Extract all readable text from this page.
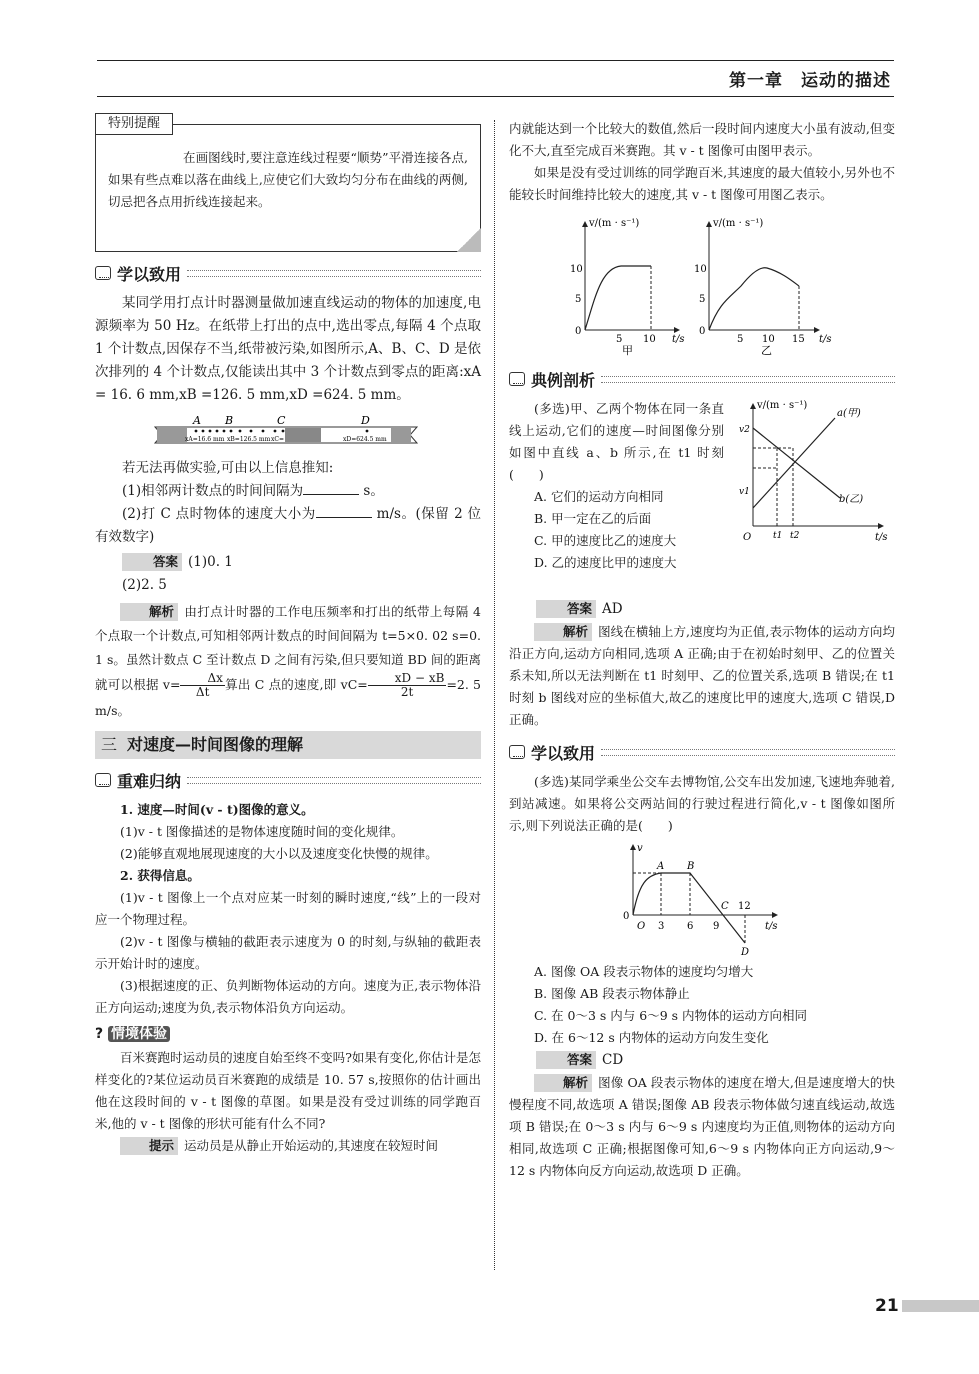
第一章　运动的描述
特别提醒

在画图线时,要注意连线过程要“顺势”平滑连接各点,如果有些点难以落在曲线上,应使它们大致均匀分布在曲线的两侧,切忌把各点用折线连接起来。

学以致用

某同学用打点计时器测量做加速直线运动的物体的加速度,电源频率为 50 Hz。在纸带上打出的点中,选出零点,每隔 4 个点取 1 个计数点,因保存不当,纸带被污染,如图所示,A、B、C、D 是依次排列的 4 个计数点,仅能读出其中 3 个计数点到零点的距离:xA = 16. 6 mm,xB =126. 5 mm,xD =624. 5 mm。

A B	C	D
xA=16.6 mm xB=126.5 mm xC=	xD=624.5 mm

若无法再做实验,可由以上信息推知:

(1)相邻两计数点的时间间隔为	s。

(2)打 C 点时物体的速度大小为	m/s。(保留 2 位有效数字)

答案 (1)0. 1

(2)2. 5

解析 由打点计时器的工作电压频率和打出的纸带上每隔 4 个点取一个计数点,可知相邻两计数点的时间间隔为 t=5×0. 02 s=0. 1 s。虽然计数点 C 至计数点 D 之间有污染,但只要知道 BD 间的距离就可以根据 $v= \frac{\Delta x}{\Delta t}$算出 C 点的速度,即 $vC= \frac{xD - xB}{2t}=2$. 5 m/s。

三 对速度—时间图像的理解
重难归纳

1. 速度—时间(v - t)图像的意义。

(1)v - t 图像描述的是物体速度随时间的变化规律。

(2)能够直观地展现速度的大小以及速度变化快慢的规律。

2. 获得信息。

(1)v - t 图像上一个点对应某一时刻的瞬时速度,“线”上的一段对应一个物理过程。

(2)v - t 图像与横轴的截距表示速度为 0 的时刻,与纵轴的截距表示开始计时的速度。

(3)根据速度的正、负判断物体运动的方向。速度为正,表示物体沿正方向运动;速度为负,表示物体沿负方向运动。

? 情境体验

百米赛跑时运动员的速度自始至终不变吗?如果有变化,你估计是怎样变化的?某位运动员百米赛跑的成绩是 10. 57 s,按照你的估计画出他在这段时间的 v - t 图像的草图。如果是没有受过训练的同学跑百米,他的 v - t 图像的形状可能有什么不同?

提示 运动员是从静止开始运动的,其速度在较短时间

内就能达到一个比较大的数值,然后一段时间内速度大小虽有波动,但变化不大,直至完成百米赛跑。其 v - t 图像可由图甲表示。

如果是没有受过训练的同学跑百米,其速度的最大值较小,另外也不能较长时间维持比较大的速度,其 v - t 图像可用图乙表示。

v/(m · s⁻¹)
t/s
10
5
0
5 10
甲
v/(m · s⁻¹)
t/s
10
5
0
5 10 15
乙
典例剖析

(多选)甲、乙两个物体在同一条直线上运动,它们的速度—时间图像分别如图中直线 a、b 所示,在 t1 时刻(　　)

A. 它们的运动方向相同
B. 甲一定在乙的后面
C. 甲的速度比乙的速度大
D. 乙的速度比甲的速度大
v/(m · s⁻¹)
t/s
O
a(甲)
b(乙)
v2
v1
t1 t2

答案 AD

解析 图线在横轴上方,速度均为正值,表示物体的运动方向均沿正方向,运动方向相同,选项 A 正确;由于在初始时刻甲、乙的位置关系未知,所以无法判断在 t1 时刻甲、乙的位置关系,选项 B 错误;在 t1 时刻 b 图线对应的坐标值大,故乙的速度比甲的速度大,选项 C 错误,D 正确。

学以致用

(多选)某同学乘坐公交车去博物馆,公交车出发加速,飞速地奔驰着,到站减速。如果将公交两站间的行驶过程进行简化,v - t 图像如图所示,则下列说法正确的是(　　)

v
t/s
0
O
A B
C
D
3 6 9
12
A. 图像 OA 段表示物体的速度均匀增大
B. 图像 AB 段表示物体静止
C. 在 0～3 s 内与 6～9 s 内物体的运动方向相同
D. 在 6～12 s 内物体的运动方向发生变化

答案 CD

解析 图像 OA 段表示物体的速度在增大,但是速度增大的快慢程度不同,故选项 A 错误;图像 AB 段表示物体做匀速直线运动,故选项 B 错误;在 0～3 s 内与 6～9 s 内速度均为正值,则物体的运动方向相同,故选项 C 正确;根据图像可知,6～9 s 内物体向正方向运动,9～12 s 内物体向反方向运动,故选项 D 正确。

21
